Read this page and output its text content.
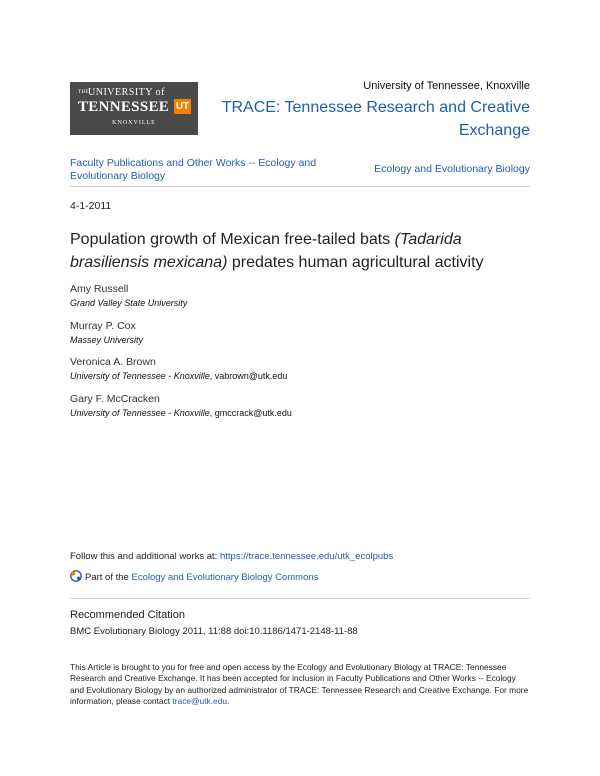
THE
UNIVERSITY of
TENNESSEE UT
KNOXVILLE
University of Tennessee, Knoxville
TRACE: Tennessee Research and Creative Exchange
Faculty Publications and Other Works -- Ecology and Evolutionary Biology
Ecology and Evolutionary Biology
4-1-2011
Population growth of Mexican free-tailed bats (Tadarida brasiliensis mexicana) predates human agricultural activity
Amy Russell
Grand Valley State University
Murray P. Cox
Massey University
Veronica A. Brown
University of Tennessee - Knoxville, vabrown@utk.edu
Gary F. McCracken
University of Tennessee - Knoxville, gmccrack@utk.edu
Follow this and additional works at: https://trace.tennessee.edu/utk_ecolpubs
Part of the Ecology and Evolutionary Biology Commons
Recommended Citation
BMC Evolutionary Biology 2011, 11:88 doi:10.1186/1471-2148-11-88
This Article is brought to you for free and open access by the Ecology and Evolutionary Biology at TRACE: Tennessee Research and Creative Exchange. It has been accepted for inclusion in Faculty Publications and Other Works -- Ecology and Evolutionary Biology by an authorized administrator of TRACE: Tennessee Research and Creative Exchange. For more information, please contact trace@utk.edu.
